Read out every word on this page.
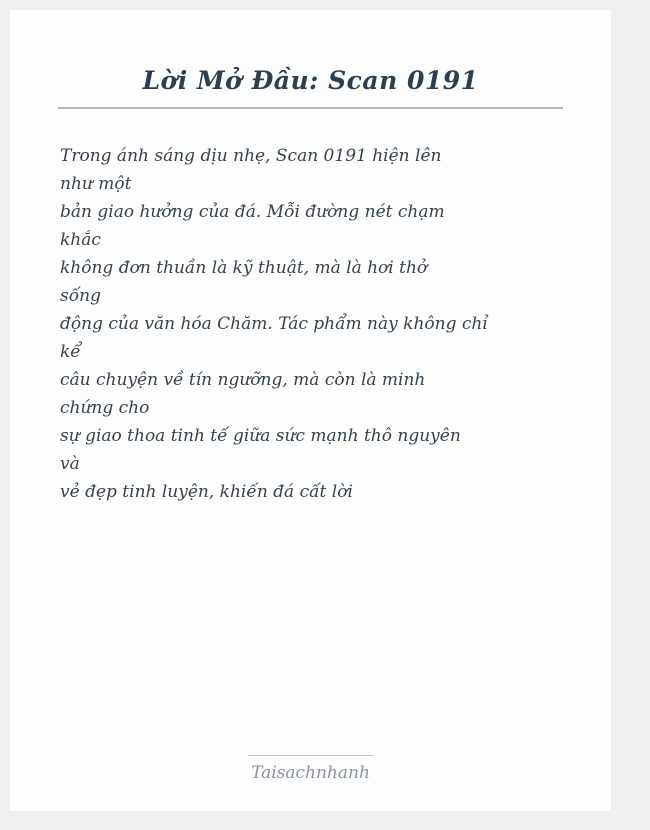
Lời Mở Đầu: Scan 0191
Trong ánh sáng dịu nhẹ, Scan 0191 hiện lên
như một
bản giao hưởng của đá. Mỗi đường nét chạm
khắc
không đơn thuần là kỹ thuật, mà là hơi thở
sống
động của văn hóa Chăm. Tác phẩm này không chỉ
kể
câu chuyện về tín ngưỡng, mà còn là minh
chứng cho
sự giao thoa tinh tế giữa sức mạnh thô nguyên
và
vẻ đẹp tinh luyện, khiến đá cất lời
Taisachnhanh
